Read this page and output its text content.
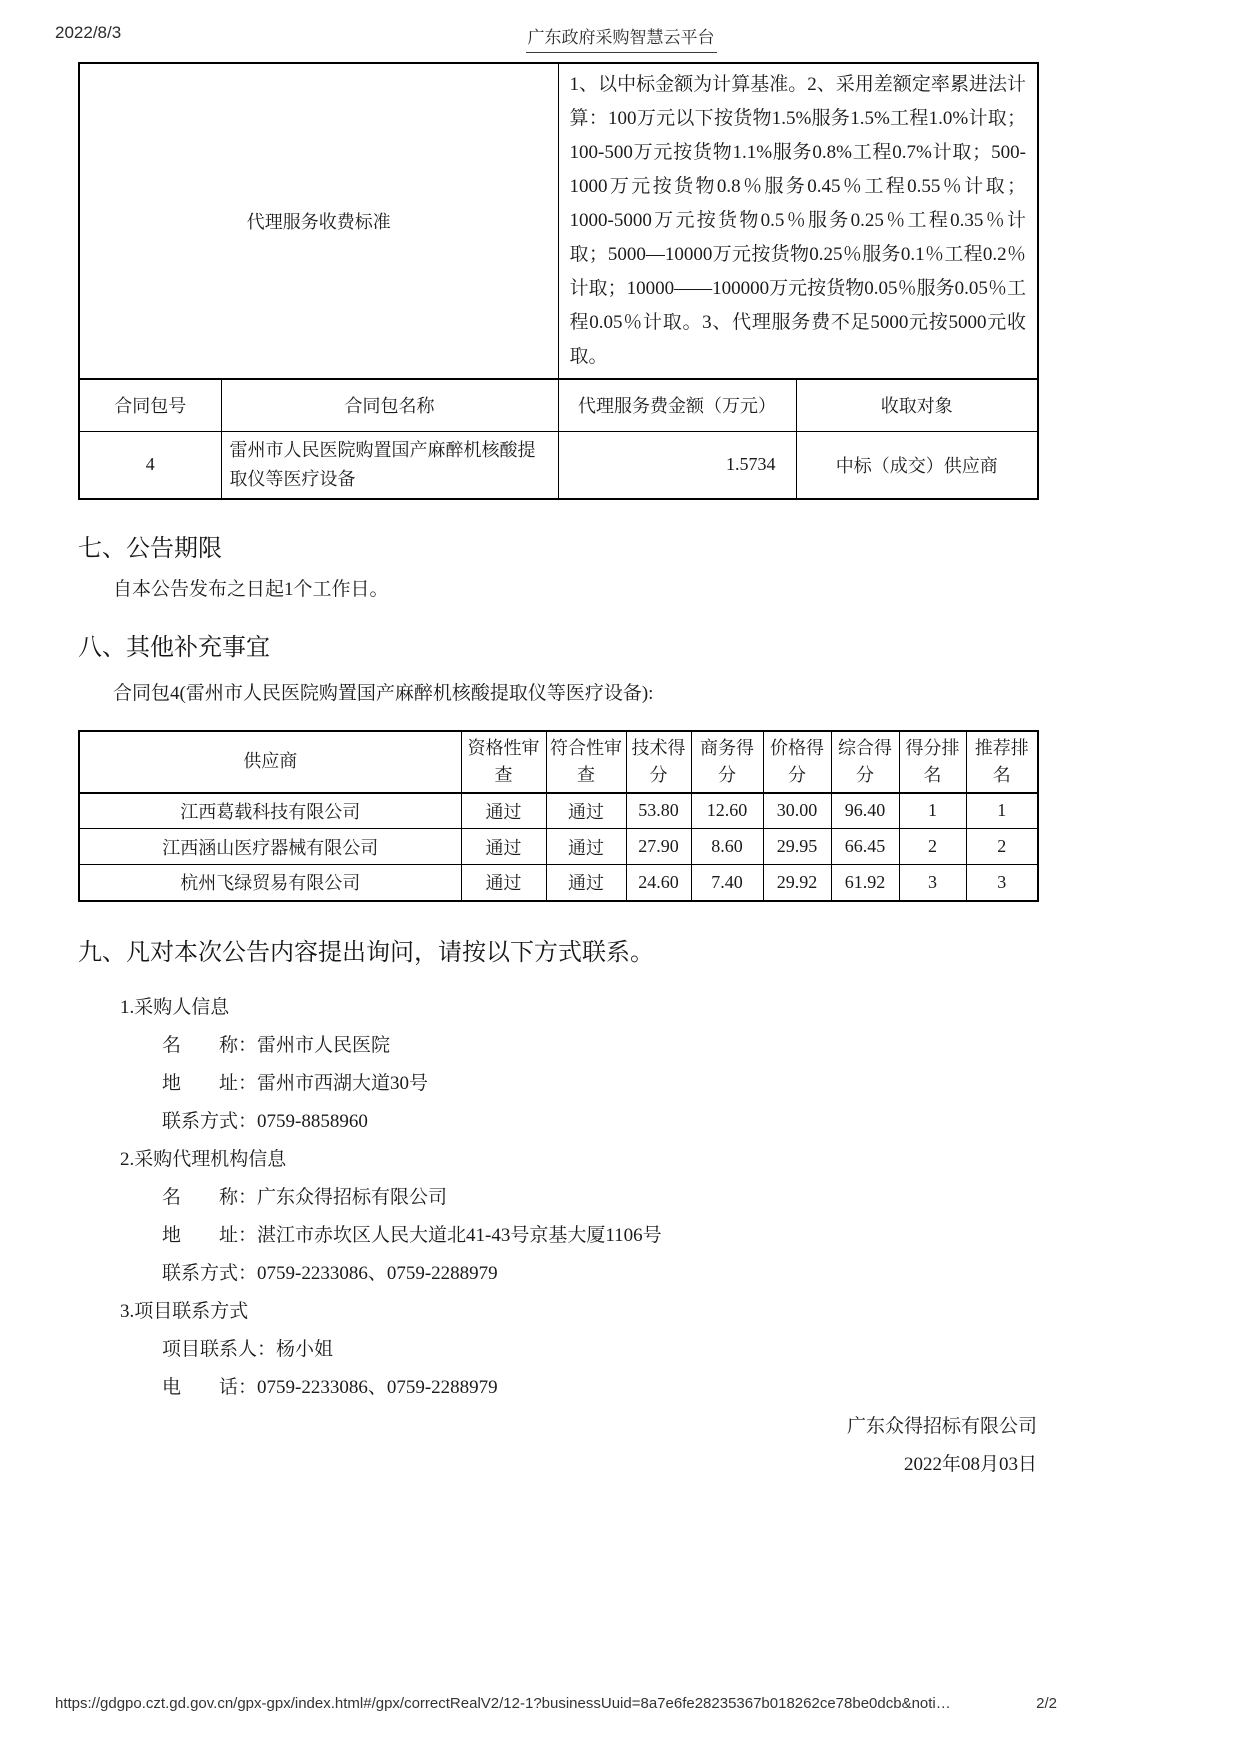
2022/8/3	广东政府采购智慧云平台
代理服务收费标准		1、以中标金额为计算基准。2、采用差额定率累进法计算：100万元以下按货物1.5%服务1.5%工程1.0%计取；100-500万元按货物1.1%服务0.8%工程0.7%计取；500-1000万元按货物0.8％服务0.45％工程0.55％计取；1000-5000万元按货物0.5％服务0.25％工程0.35％计取；5000—10000万元按货物0.25％服务0.1％工程0.2％计取；10000——100000万元按货物0.05％服务0.05％工程0.05％计取。3、代理服务费不足5000元按5000元收取。	
合同包号	合同包名称	代理服务费金额（万元）	收取对象
4	雷州市人民医院购置国产麻醉机核酸提取仪等医疗设备	1.5734	中标（成交）供应商
七、公告期限

自本公告发布之日起1个工作日。

八、其他补充事宜

合同包4(雷州市人民医院购置国产麻醉机核酸提取仪等医疗设备):

供应商	资格性审查	符合性审查	技术得分	商务得分	价格得分	综合得分	得分排名	推荐排名
江西葛载科技有限公司	通过	通过	53.80	12.60	30.00	96.40	1	1
江西涵山医疗器械有限公司	通过	通过	27.90	8.60	29.95	66.45	2	2
杭州飞绿贸易有限公司	通过	通过	24.60	7.40	29.92	61.92	3	3
九、凡对本次公告内容提出询问，请按以下方式联系。

1.采购人信息

名　　称：雷州市人民医院

地　　址：雷州市西湖大道30号

联系方式：0759-8858960

2.采购代理机构信息

名　　称：广东众得招标有限公司

地　　址：湛江市赤坎区人民大道北41-43号京基大厦1106号

联系方式：0759-2233086、0759-2288979

3.项目联系方式

项目联系人：杨小姐

电　　话：0759-2233086、0759-2288979

广东众得招标有限公司
2022年08月03日
https://gdgpo.czt.gd.gov.cn/gpx-gpx/index.html#/gpx/correctRealV2/12-1?businessUuid=8a7e6fe28235367b018262ce78be0dcb&noti…	2/2
